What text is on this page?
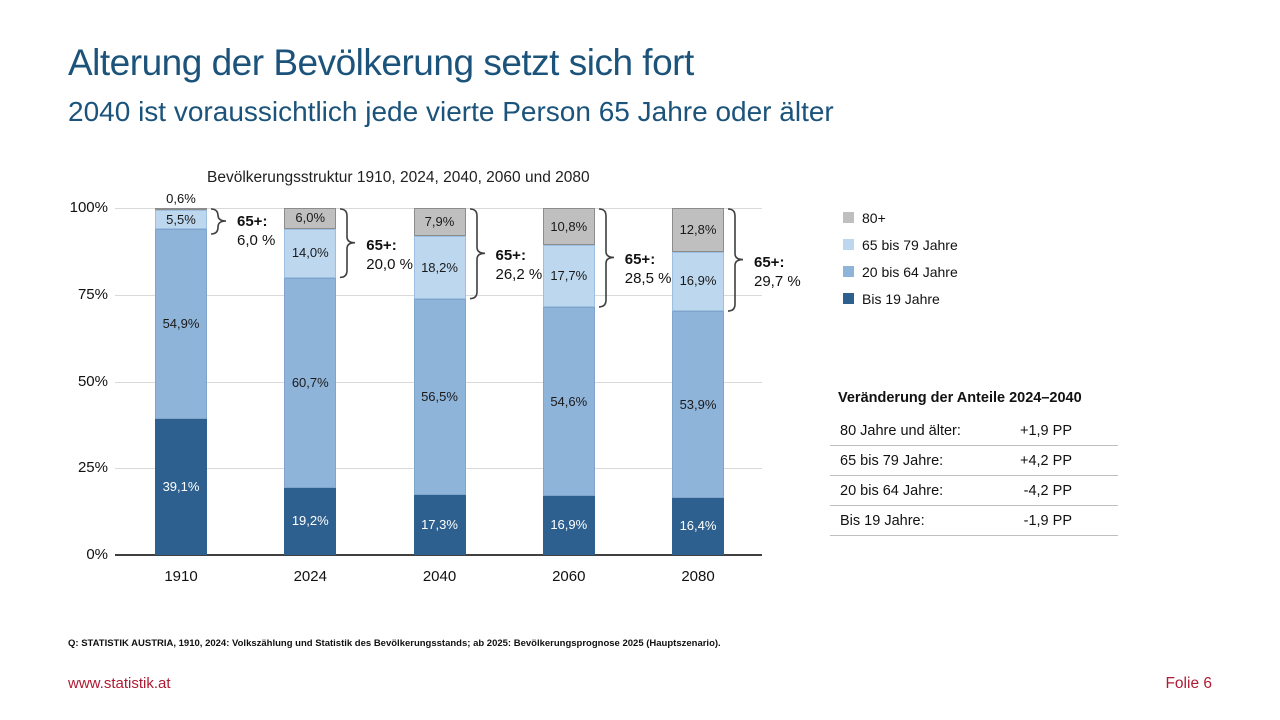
Alterung der Bevölkerung setzt sich fort
2040 ist voraussichtlich jede vierte Person 65 Jahre oder älter
Bevölkerungsstruktur 1910, 2024, 2040, 2060 und 2080
0%
25%
50%
75%
100%
0,6%
39,1%
54,9%
5,5%
1910
65+:
6,0 %
19,2%
60,7%
14,0%
6,0%
2024
65+:
20,0 %
17,3%
56,5%
18,2%
7,9%
2040
65+:
26,2 %
16,9%
54,6%
17,7%
10,8%
2060
65+:
28,5 %
16,4%
53,9%
16,9%
12,8%
2080
65+:
29,7 %
80+
65 bis 79 Jahre
20 bis 64 Jahre
Bis 19 Jahre
Veränderung der Anteile 2024–2040
80 Jahre und älter:	+1,9 PP
65 bis 79 Jahre:	+4,2 PP
20 bis 64 Jahre:	-4,2 PP
Bis 19 Jahre:	-1,9 PP
Q: STATISTIK AUSTRIA, 1910, 2024: Volkszählung und Statistik des Bevölkerungsstands; ab 2025: Bevölkerungsprognose 2025 (Hauptszenario).
www.statistik.at	Folie 6
